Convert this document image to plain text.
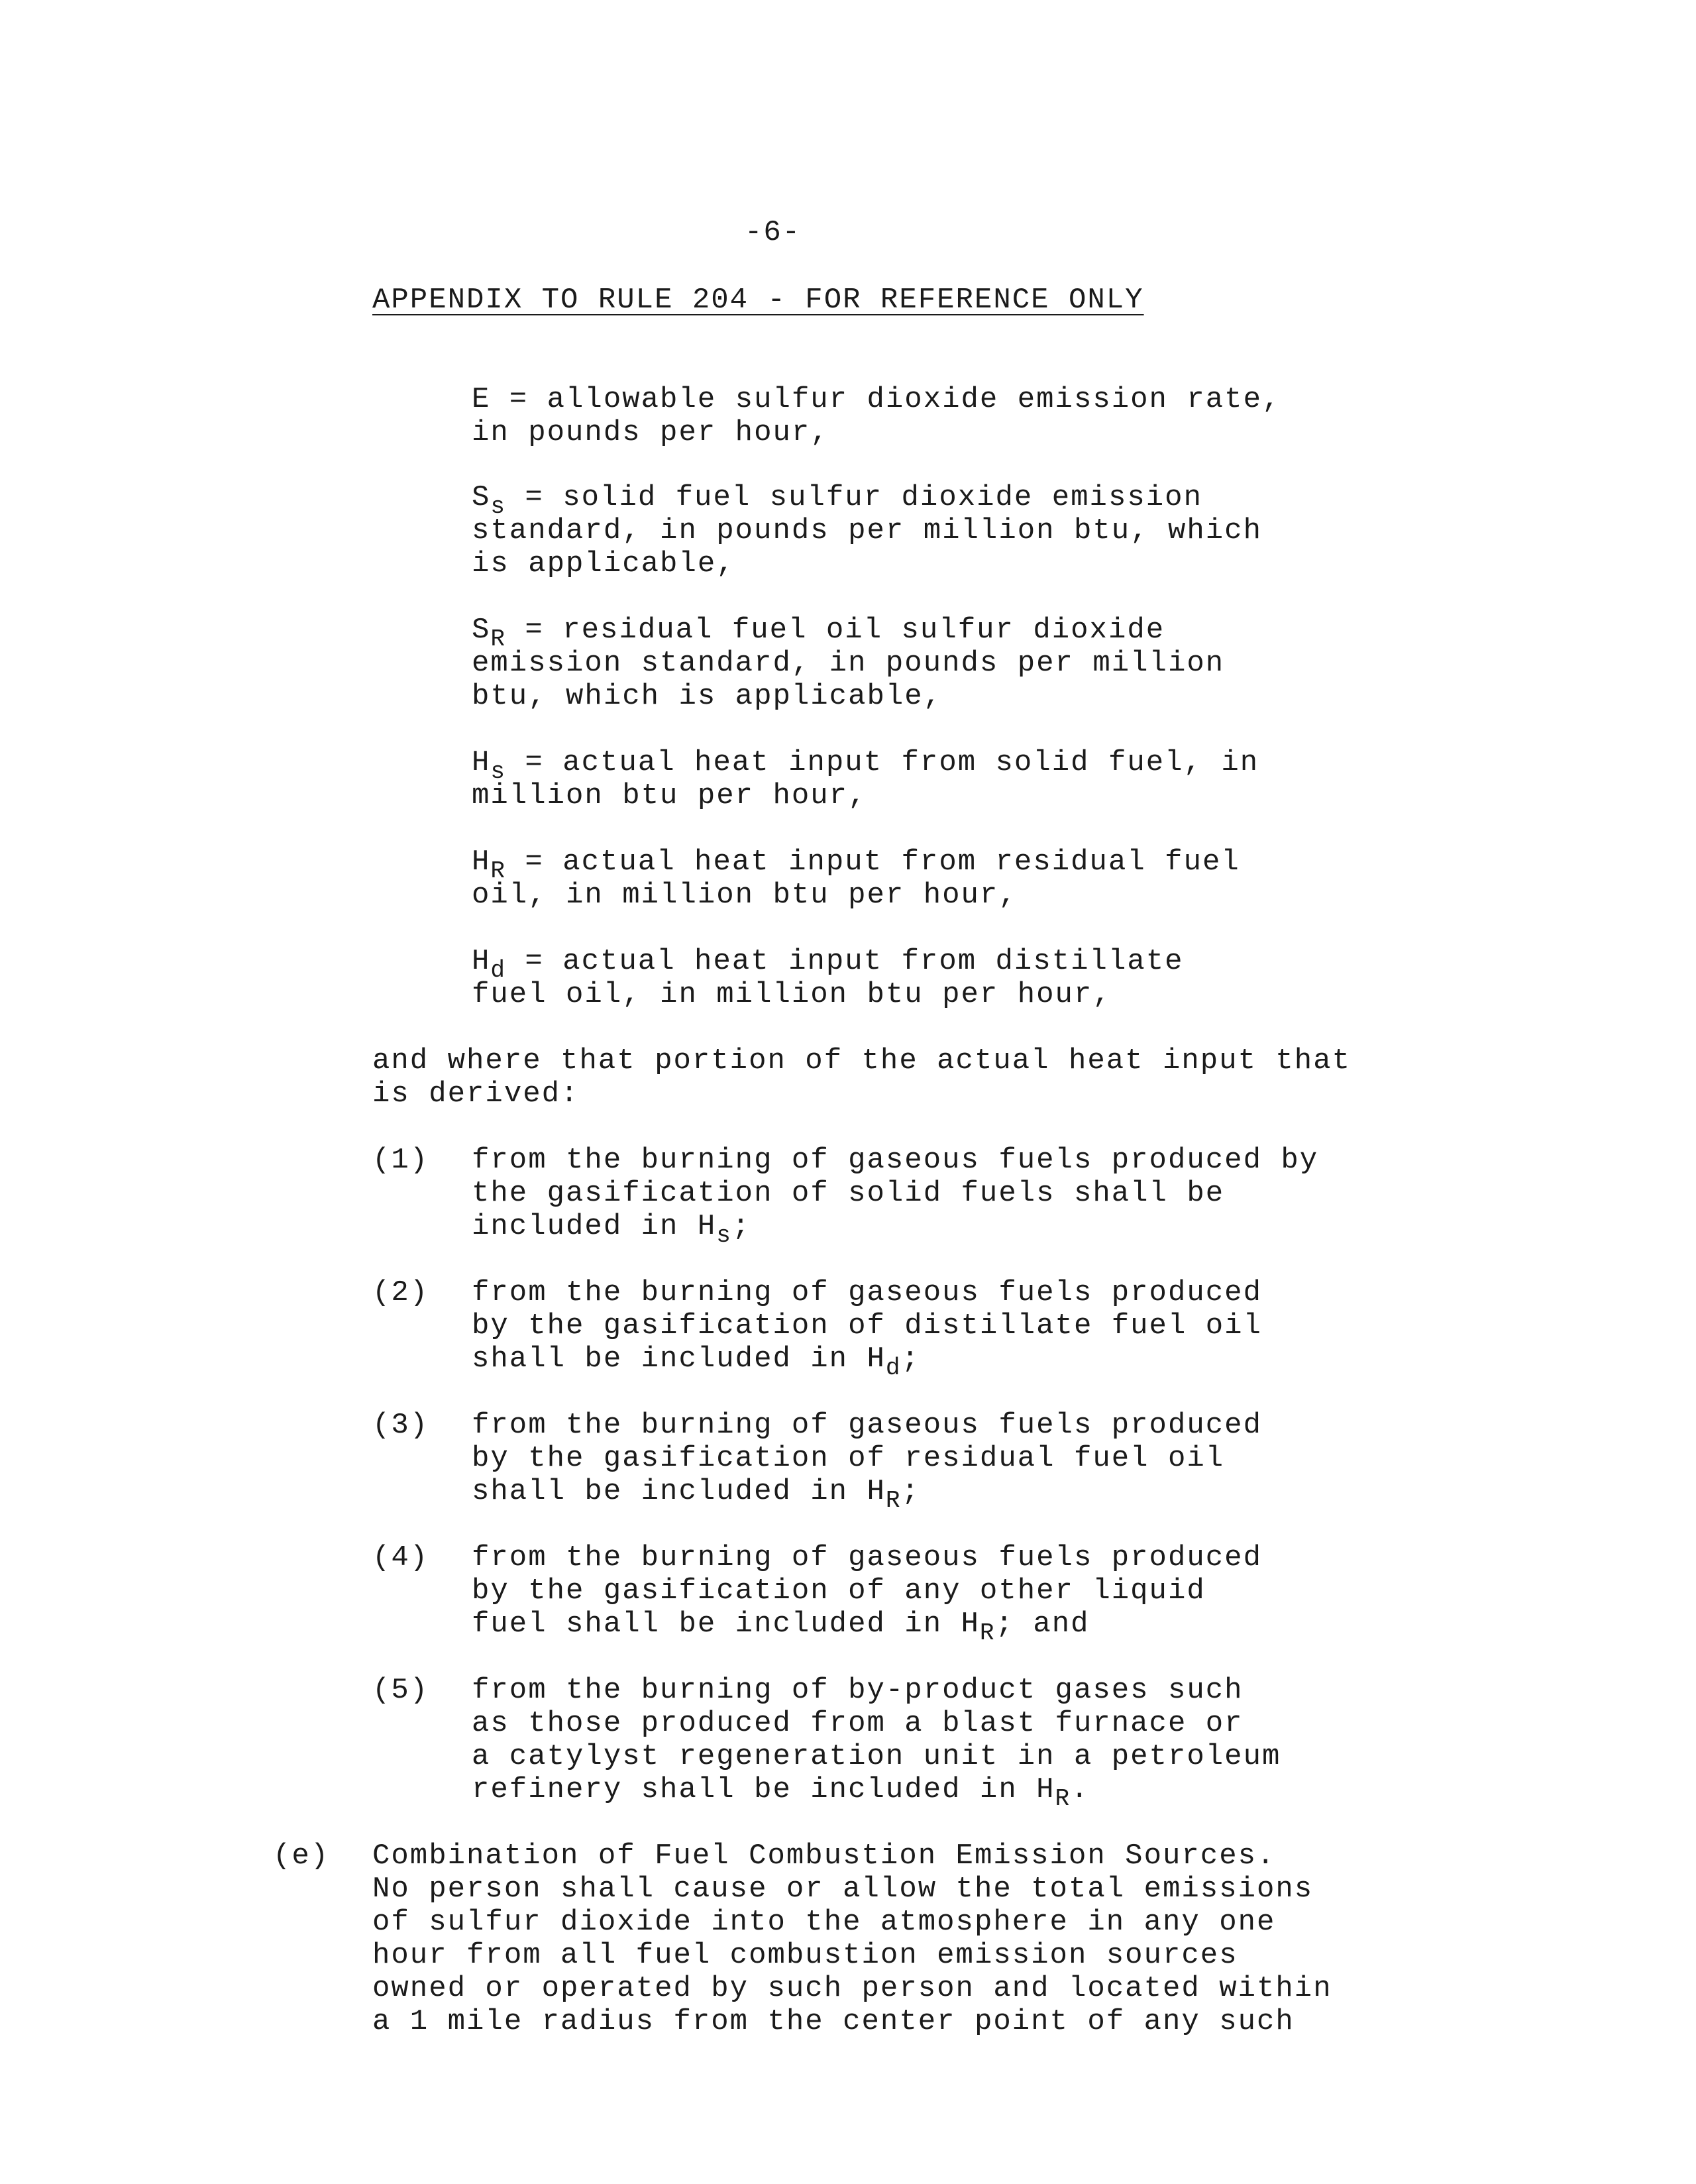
-6-
APPENDIX TO RULE 204 - FOR REFERENCE ONLY
E = allowable sulfur dioxide emission rate,
in pounds per hour,
$S_s$ = solid fuel sulfur dioxide emission
standard, in pounds per million btu, which
is applicable,
$S_R$ = residual fuel oil sulfur dioxide
emission standard, in pounds per million
btu, which is applicable,
$H_s$ = actual heat input from solid fuel, in
million btu per hour,
$H_R$ = actual heat input from residual fuel
oil, in million btu per hour,
$H_d$ = actual heat input from distillate
fuel oil, in million btu per hour,
and where that portion of the actual heat input that
is derived:
(1) from the burning of gaseous fuels produced by
the gasification of solid fuels shall be
included in $H_s$;
(2) from the burning of gaseous fuels produced
by the gasification of distillate fuel oil
shall be included in $H_d$;
(3) from the burning of gaseous fuels produced
by the gasification of residual fuel oil
shall be included in $H_R$;
(4) from the burning of gaseous fuels produced
by the gasification of any other liquid
fuel shall be included in $H_R$; and
(5) from the burning of by-product gases such
as those produced from a blast furnace or
a catylyst regeneration unit in a petroleum
refinery shall be included in $H_R$.
(e) Combination of Fuel Combustion Emission Sources.
No person shall cause or allow the total emissions
of sulfur dioxide into the atmosphere in any one
hour from all fuel combustion emission sources
owned or operated by such person and located within
a 1 mile radius from the center point of any such
